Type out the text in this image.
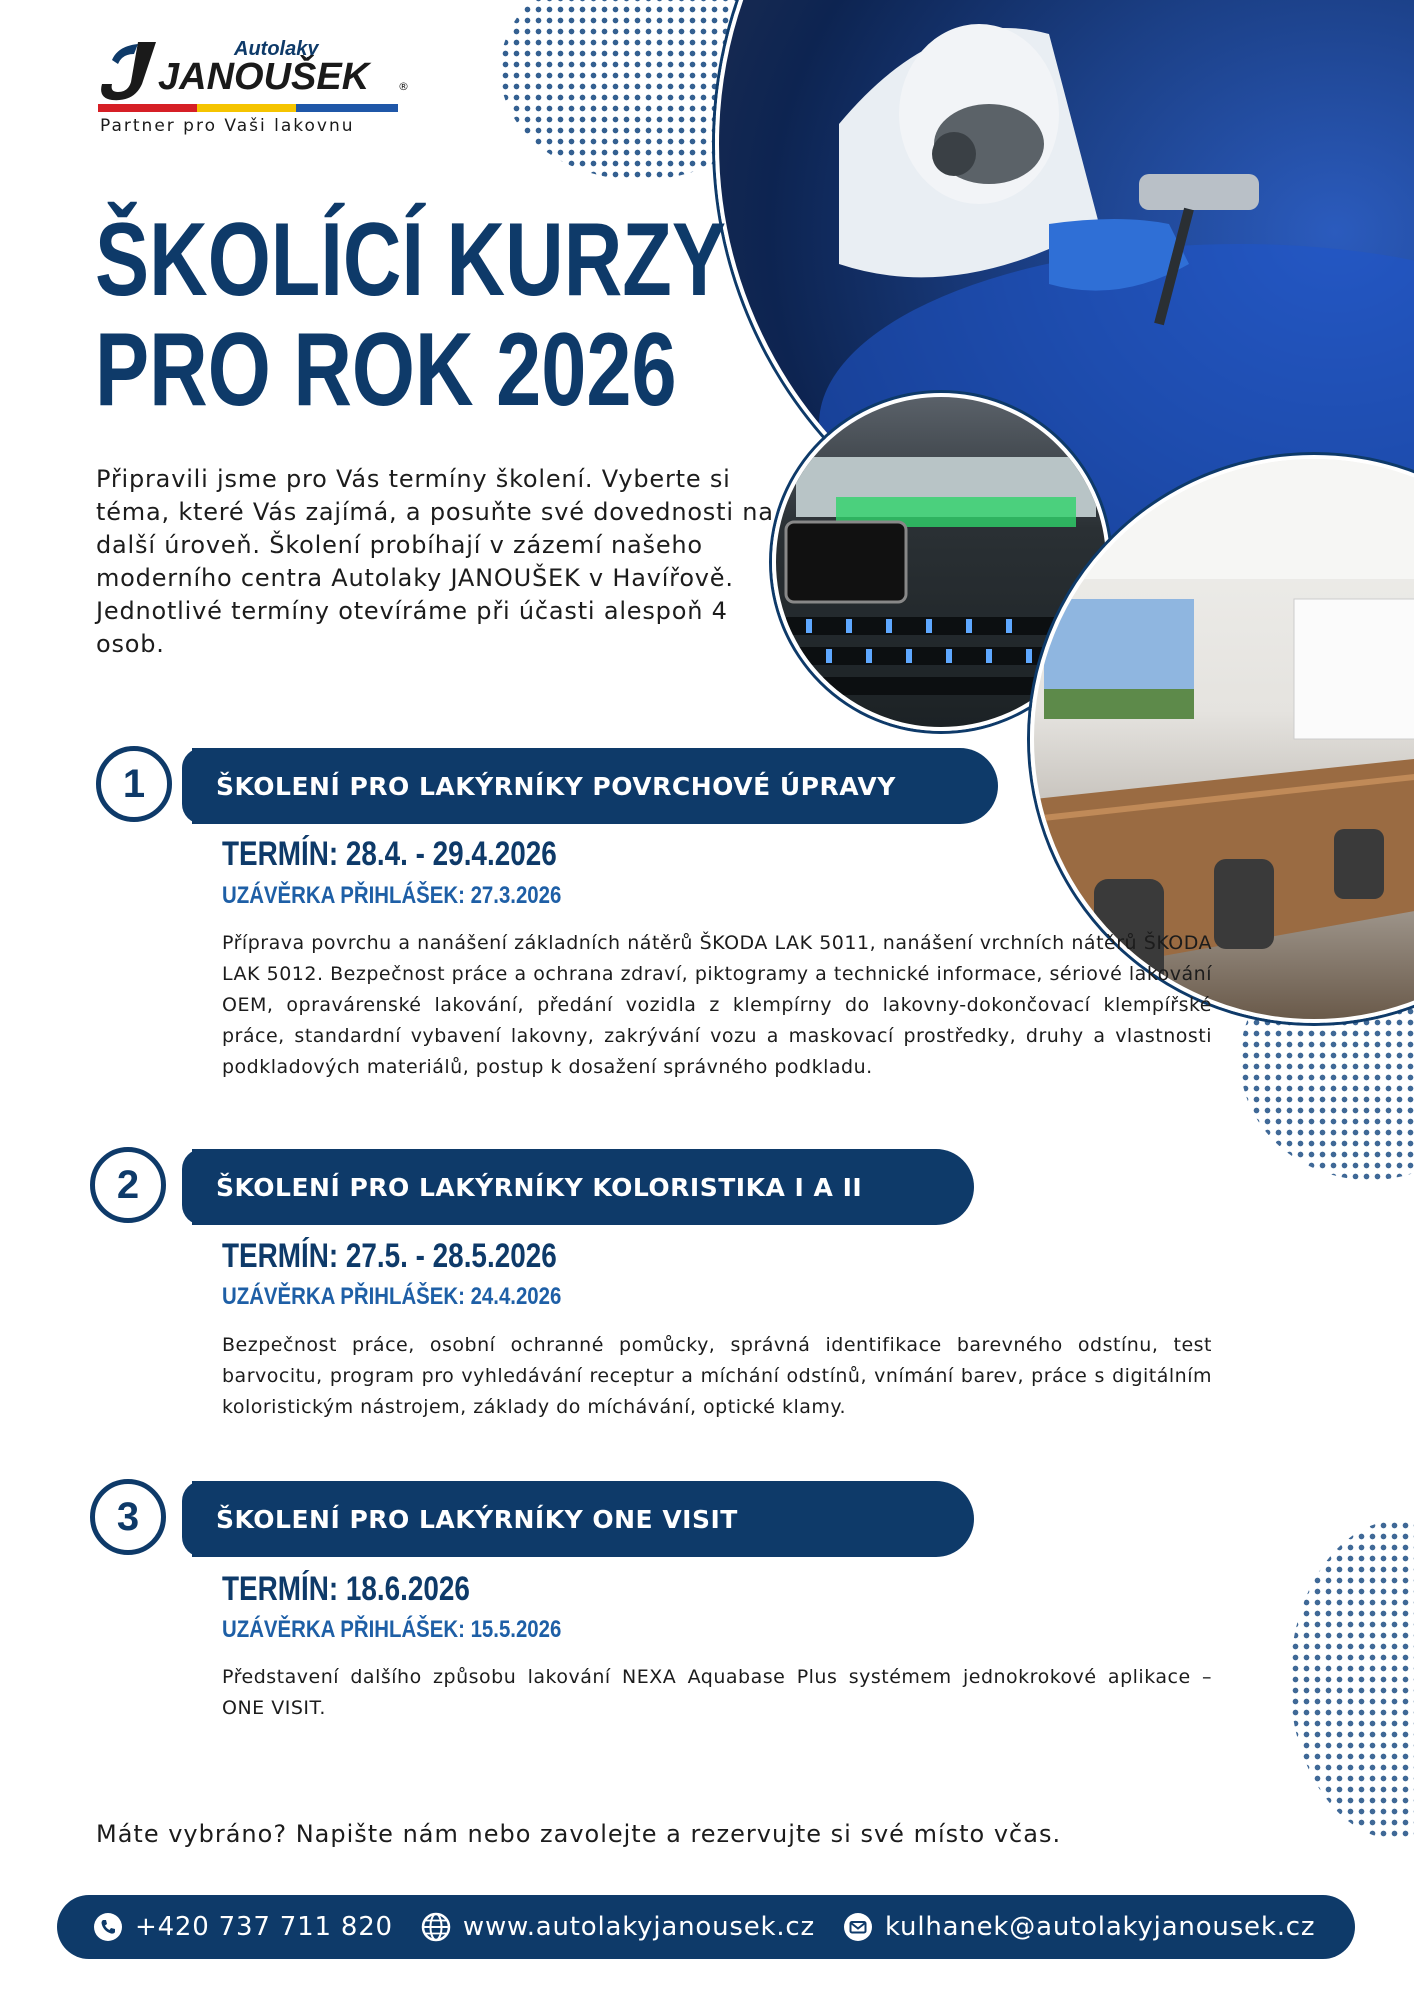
Autolaky
JANOUŠEK	®
Partner pro Vaši lakovnu
ŠKOLÍCÍ KURZY
PRO ROK 2026
Připravili jsme pro Vás termíny školení. Vyberte si téma, které Vás zajímá, a posuňte své dovednosti na další úroveň. Školení probíhají v zázemí našeho moderního centra Autolaky JANOUŠEK v Havířově. Jednotlivé termíny otevíráme při účasti alespoň 4 osob.
ŠKOLENÍ PRO LAKÝRNÍKY POVRCHOVÉ ÚPRAVY
1
TERMÍN: 28.4. - 29.4.2026
UZÁVĚRKA PŘIHLÁŠEK: 27.3.2026
Příprava povrchu a nanášení základních nátěrů ŠKODA LAK 5011, nanášení vrchních nátěrů ŠKODA LAK 5012. Bezpečnost práce a ochrana zdraví, piktogramy a technické informace, sériové lakování OEM, opravárenské lakování, předání vozidla z klempírny do lakovny-dokončovací klempířské práce, standardní vybavení lakovny, zakrývání vozu a maskovací prostředky, druhy a vlastnosti podkladových materiálů, postup k dosažení správného podkladu.
ŠKOLENÍ PRO LAKÝRNÍKY KOLORISTIKA I A II
2
TERMÍN: 27.5. - 28.5.2026
UZÁVĚRKA PŘIHLÁŠEK: 24.4.2026
Bezpečnost práce, osobní ochranné pomůcky, správná identifikace barevného odstínu, test barvocitu, program pro vyhledávání receptur a míchání odstínů, vnímání barev, práce s digitálním koloristickým nástrojem, základy do míchávání, optické klamy.
ŠKOLENÍ PRO LAKÝRNÍKY ONE VISIT
3
TERMÍN: 18.6.2026
UZÁVĚRKA PŘIHLÁŠEK: 15.5.2026
Představení dalšího způsobu lakování NEXA Aquabase Plus systémem jednokrokové aplikace – ONE VISIT.
Máte vybráno? Napište nám nebo zavolejte a rezervujte si své místo včas.
+420 737 711 820	www.autolakyjanousek.cz	kulhanek@autolakyjanousek.cz
